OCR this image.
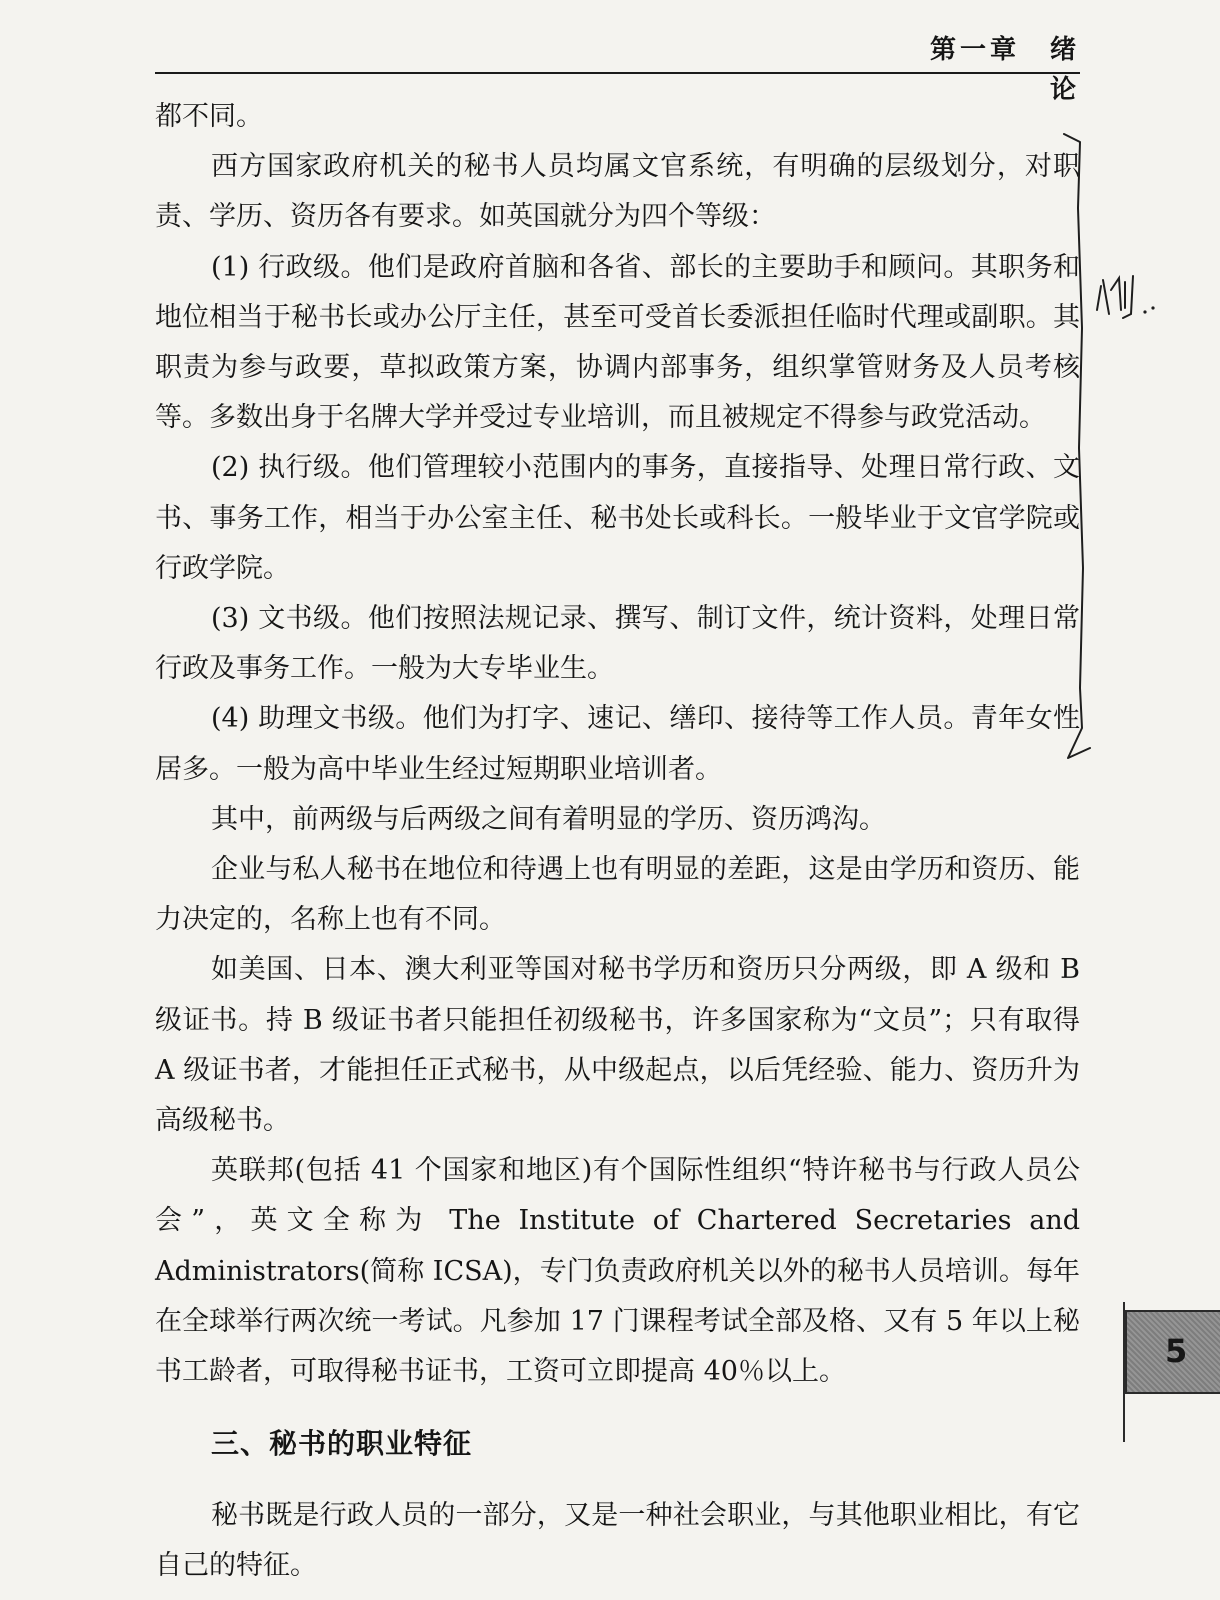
第一章　绪　论

都不同。

西方国家政府机关的秘书人员均属文官系统，有明确的层级划分，对职责、学历、资历各有要求。如英国就分为四个等级：

(1) 行政级。他们是政府首脑和各省、部长的主要助手和顾问。其职务和地位相当于秘书长或办公厅主任，甚至可受首长委派担任临时代理或副职。其职责为参与政要，草拟政策方案，协调内部事务，组织掌管财务及人员考核等。多数出身于名牌大学并受过专业培训，而且被规定不得参与政党活动。

(2) 执行级。他们管理较小范围内的事务，直接指导、处理日常行政、文书、事务工作，相当于办公室主任、秘书处长或科长。一般毕业于文官学院或行政学院。

(3) 文书级。他们按照法规记录、撰写、制订文件，统计资料，处理日常行政及事务工作。一般为大专毕业生。

(4) 助理文书级。他们为打字、速记、缮印、接待等工作人员。青年女性居多。一般为高中毕业生经过短期职业培训者。

其中，前两级与后两级之间有着明显的学历、资历鸿沟。

企业与私人秘书在地位和待遇上也有明显的差距，这是由学历和资历、能力决定的，名称上也有不同。

如美国、日本、澳大利亚等国对秘书学历和资历只分两级，即 A 级和 B 级证书。持 B 级证书者只能担任初级秘书，许多国家称为“文员”；只有取得 A 级证书者，才能担任正式秘书，从中级起点，以后凭经验、能力、资历升为高级秘书。

英联邦(包括 41 个国家和地区)有个国际性组织“特许秘书与行政人员公会”，英文全称为 The Institute of Chartered Secretaries and Administrators(简称 ICSA)，专门负责政府机关以外的秘书人员培训。每年在全球举行两次统一考试。凡参加 17 门课程考试全部及格、又有 5 年以上秘书工龄者，可取得秘书证书，工资可立即提高 40％以上。

三、秘书的职业特征

秘书既是行政人员的一部分，又是一种社会职业，与其他职业相比，有它自己的特征。

5
